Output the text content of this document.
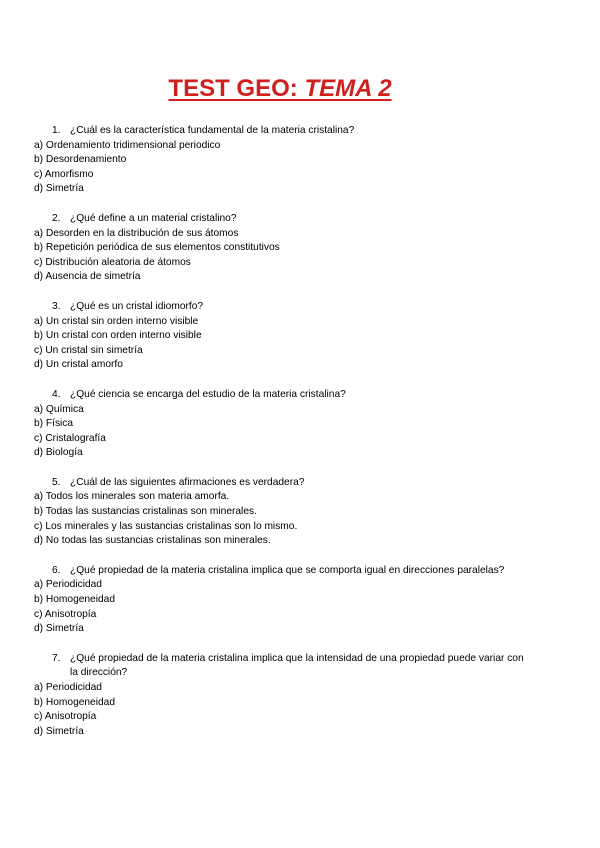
TEST GEO: TEMA 2
1. ¿Cuál es la característica fundamental de la materia cristalina?
a) Ordenamiento tridimensional periodico
b) Desordenamiento
c) Amorfismo
d) Simetría
2. ¿Qué define a un material cristalino?
a) Desorden en la distribución de sus átomos
b) Repetición periódica de sus elementos constitutivos
c) Distribución aleatoria de átomos
d) Ausencia de simetría
3. ¿Qué es un cristal idiomorfo?
a) Un cristal sin orden interno visible
b) Un cristal con orden interno visible
c) Un cristal sin simetría
d) Un cristal amorfo
4. ¿Qué ciencia se encarga del estudio de la materia cristalina?
a) Química
b) Física
c) Cristalografía
d) Biología
5. ¿Cuál de las siguientes afirmaciones es verdadera?
a) Todos los minerales son materia amorfa.
b) Todas las sustancias cristalinas son minerales.
c) Los minerales y las sustancias cristalinas son lo mismo.
d) No todas las sustancias cristalinas son minerales.
6. ¿Qué propiedad de la materia cristalina implica que se comporta igual en direcciones paralelas?
a) Periodicidad
b) Homogeneidad
c) Anisotropía
d) Simetría
7. ¿Qué propiedad de la materia cristalina implica que la intensidad de una propiedad puede variar con la dirección?
a) Periodicidad
b) Homogeneidad
c) Anisotropía
d) Simetría
